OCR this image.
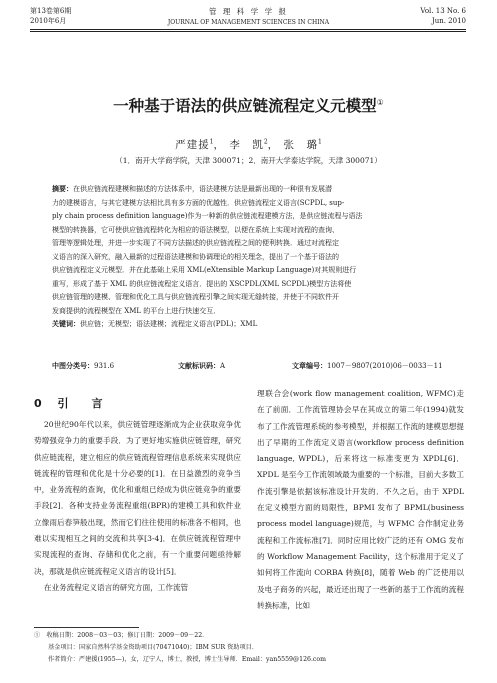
第13卷第6期
2010年6月
管 理 科 学 学 报
JOURNAL OF MANAGEMENT SCIENCES IN CHINA
Vol. 13 No. 6
Jun. 2010
一种基于语法的供应链流程定义元模型①
严建援$^1$， 李　凯$^2$， 张　璐$^1$
（1．南开大学商学院，天津 300071；2．南开大学泰达学院，天津 300071）
摘要：在供应链流程建模和描述的方法体系中，语法建模方法是最新出现的一种很有发展潜
力的建模语言，与其它建模方法相比具有多方面的优越性．供应链流程定义语言(SCPDL, sup-
ply chain process definition language)作为一种新的供应链流程建模方法，是供应链流程与语法
模型的转换器，它可使供应链流程转化为相应的语法模型，以便在系统上实现对流程的查询、
管理等逻辑处理，并进一步实现了不同方法描述的供应链流程之间的便利转换．通过对流程定
义语言的深入研究，融入最新的过程语法建模和协调理论的相关理念，提出了一个基于语法的
供应链流程定义元模型．并在此基础上采用 XML(eXtensible Markup Language)对其规则进行
重写，形成了基于 XML 的供应链流程定义语言．提出的 XSCPDL(XML SCPDL)模型方法将使
供应链管理的建模、管理和优化工具与供应链流程引擎之间实现无缝转接，并使于不同软件开
发商提供的流程模型在 XML 的平台上进行快速交互．
关键词：供应链；无模型；语法建模；流程定义语言(PDL)；XML
中图分类号：931.6	文献标识码：A	文章编号：1007－9807(2010)06－0033－11
0 引　言

20世纪90年代以来，供应链管理逐渐成为企业获取竞争优势增强竞争力的重要手段．为了更好地实施供应链管理，研究供应链流程，建立相应的供应链流程管理信息系统来实现供应链流程的管理和优化是十分必要的[1]．在日益激烈的竞争当中，业务流程的查询，优化和重组已经成为供应链竞争的重要手段[2]．各种支持业务流程重组(BPR)的建模工具和软件业立像雨后春笋般出现，然而它们往往使用的标准各不相同，也难以实现相互之间的交流和共享[3-4]．在供应链流程管理中实现流程的查询、存储和优化之前，有一个重要问题亟待解决，那就是供应链流程定义语言的设计[5]．

在业务流程定义语言的研究方面，工作流管

理联合会(work flow management coalition, WFMC)走在了前面．工作流管理协会早在其成立的第二年(1994)就发布了工作流管理系统的参考模型，并根据工作流的建模思想提出了早期的工作流定义语言(workflow process definition language, WPDL)，后来将这一标准变更为 XPDL[6]．XPDL 是至今工作流领域最为重要的一个标准，目前大多数工作流引擎是依据该标准设计开发的．不久之后，由于 XPDL 在定义模型方面的局限性，BPMI 发布了 BPML(business process model language)规范，与 WFMC 合作制定业务流程和工作流标准[7]．同时应用比较广泛的还有 OMG 发布的 Workflow Management Facility，这个标准用于定义了如何将工作流向 CORBA 转换[8]，随着 Web 的广泛使用以及电子商务的兴起，最近还出现了一些新的基于工作流的流程转换标准，比如

①　收稿日期：2008－03－03；修订日期：2009－09－22．
基金项目：国家自然科学基金资助项目(70471040)；IBM SUR 资助项目．
作者简介：严建援(1955—)，女，辽宁人，博士，教授，博士生导师．Email：yan5559@126.com
